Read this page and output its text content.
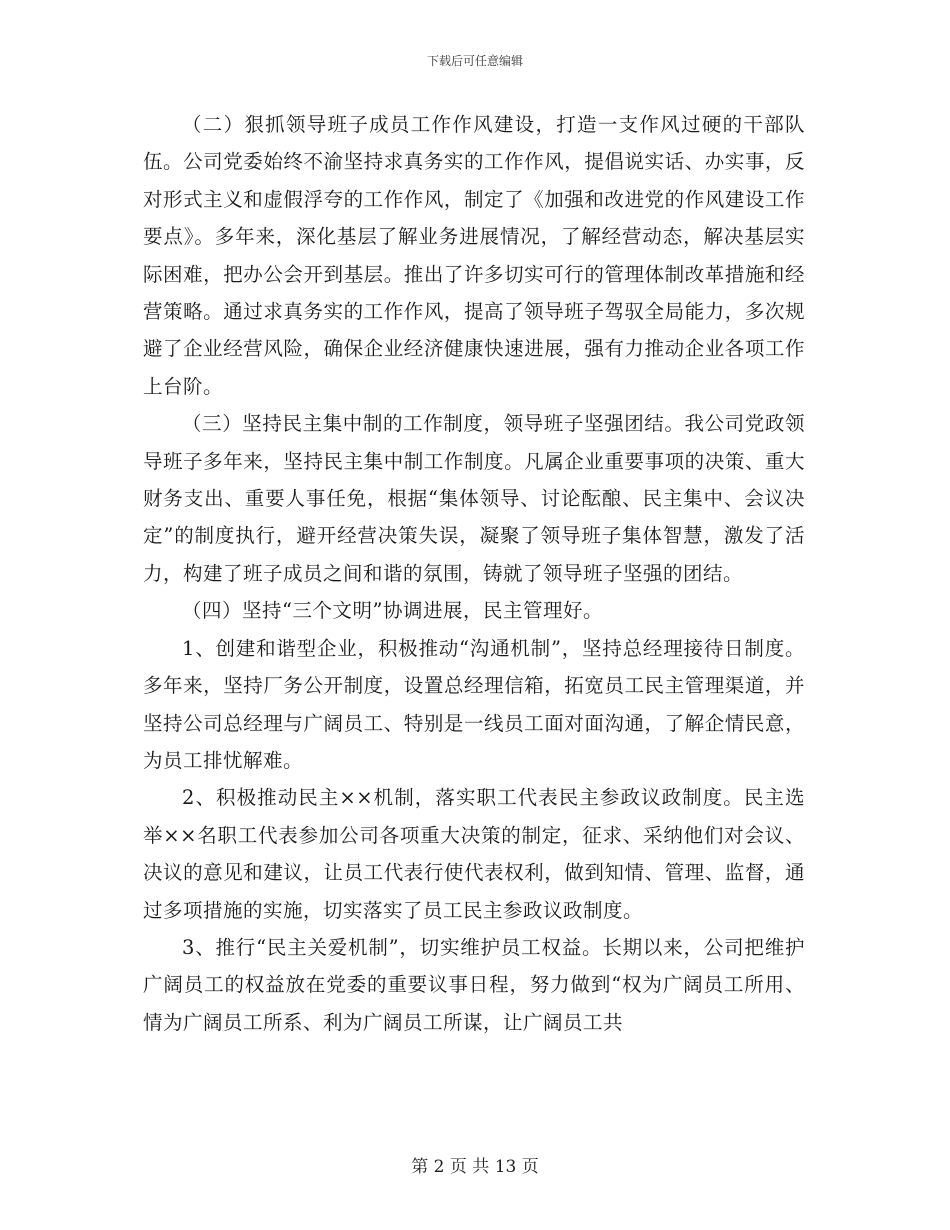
下载后可任意编辑

（二）狠抓领导班子成员工作作风建设，打造一支作风过硬的干部队伍。公司党委始终不渝坚持求真务实的工作作风，提倡说实话、办实事，反对形式主义和虚假浮夸的工作作风，制定了《加强和改进党的作风建设工作要点》。多年来，深化基层了解业务进展情况，了解经营动态，解决基层实际困难，把办公会开到基层。推出了许多切实可行的管理体制改革措施和经营策略。通过求真务实的工作作风，提高了领导班子驾驭全局能力，多次规避了企业经营风险，确保企业经济健康快速进展，强有力推动企业各项工作上台阶。

（三）坚持民主集中制的工作制度，领导班子坚强团结。我公司党政领导班子多年来，坚持民主集中制工作制度。凡属企业重要事项的决策、重大财务支出、重要人事任免，根据“集体领导、讨论酝酿、民主集中、会议决定”的制度执行，避开经营决策失误，凝聚了领导班子集体智慧，激发了活力，构建了班子成员之间和谐的氛围，铸就了领导班子坚强的团结。

（四）坚持“三个文明”协调进展，民主管理好。

1、创建和谐型企业，积极推动“沟通机制”，坚持总经理接待日制度。多年来，坚持厂务公开制度，设置总经理信箱，拓宽员工民主管理渠道，并坚持公司总经理与广阔员工、特别是一线员工面对面沟通，了解企情民意，为员工排忧解难。

2、积极推动民主××机制，落实职工代表民主参政议政制度。民主选举××名职工代表参加公司各项重大决策的制定，征求、采纳他们对会议、决议的意见和建议，让员工代表行使代表权利，做到知情、管理、监督，通过多项措施的实施，切实落实了员工民主参政议政制度。

3、推行“民主关爱机制”，切实维护员工权益。长期以来，公司把维护广阔员工的权益放在党委的重要议事日程，努力做到“权为广阔员工所用、情为广阔员工所系、利为广阔员工所谋，让广阔员工共

第 2 页 共 13 页
